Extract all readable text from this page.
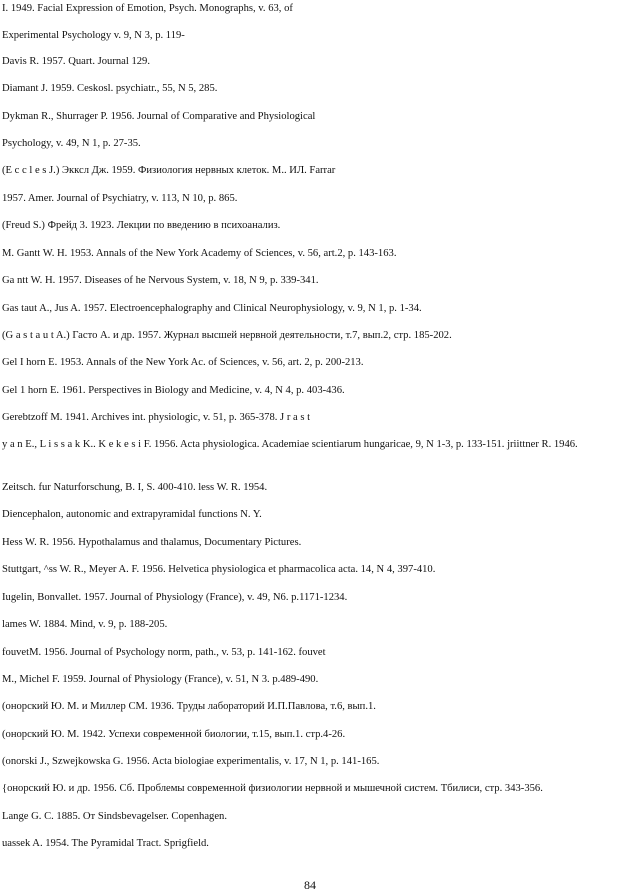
I. 1949. Facial Expression of Emotion, Psych. Monographs, v. 63, of
Experimental Psychology v. 9, N 3, p. 119-
Davis R. 1957. Quart. Journal 129.
Diamant J. 1959. Ceskosl. psychiatr., 55, N 5, 285.
Dykman R., Shurrager P. 1956. Journal of Comparative and Physiological
Psychology, v. 49, N 1, p. 27-35.
(E c c l e s J.) Экксл Дж. 1959. Физиология нервных клеток. М.. ИЛ. Farrar
1957. Amer. Journal of Psychiatry, v. 113, N 10, p. 865.
(Freud S.) Фрейд 3. 1923. Лекции по введению в психоанализ.
M. Gantt W. H. 1953. Annals of the New York Academy of Sciences, v. 56, art.2, p. 143-163.
Ga ntt W. H. 1957. Diseases of he Nervous System, v. 18, N 9, p. 339-341.
Gas taut A., Jus A. 1957. Electroencephalography and Clinical Neurophysiology, v. 9, N 1, p. 1-34.
(G a s t a u t A.) Гасто А. и др. 1957. Журнал высшей нервной деятельности, т.7, вып.2, стр. 185-202.
Gel I horn E. 1953. Annals of the New York Ac. of Sciences, v. 56, art. 2, p. 200-213.
Gel 1 horn E. 1961. Perspectives in Biology and Medicine, v. 4, N 4, p. 403-436.
Gerebtzoff M. 1941. Archives int. physiologic, v. 51, p. 365-378. J r a s t
y a n E., L i s s a k K.. K e k e s i F. 1956. Acta physiologica. Academiae scientiarum hungaricae, 9, N 1-3, p. 133-151. jriittner R. 1946.
Zeitsch. fur Naturforschung, B. I, S. 400-410. less W. R. 1954.
Diencephalon, autonomic and extrapyramidal functions N. Y.
Hess W. R. 1956. Hypothalamus and thalamus, Documentary Pictures.
Stuttgart, ^ss W. R., Meyer A. F. 1956. Helvetica physiologica et pharmacolica acta. 14, N 4, 397-410.
Iugelin, Bonvallet. 1957. Journal of Physiology (France), v. 49, N6. p.1171-1234.
lames W. 1884. Mind, v. 9, p. 188-205.
fouvetM. 1956. Journal of Psychology norm, path., v. 53, p. 141-162. fouvet
M., Michel F. 1959. Journal of Physiology (France), v. 51, N 3. p.489-490.
(онорский Ю. М. и Миллер СМ. 1936. Труды лабораторий И.П.Павлова, т.6, вып.1.
(онорский Ю. М. 1942. Успехи современной биологии, т.15, вып.1. стр.4-26.
(onorski J., Szwejkowska G. 1956. Acta biologiae experimentalis, v. 17, N 1, p. 141-165.
{онорский Ю. и др. 1956. Сб. Проблемы современной физиологии нервной и мышечной систем. Тбилиси, стр. 343-356.
Lange G. C. 1885. От Sindsbevagelser. Copenhagen.
uassek A. 1954. The Pyramidal Tract. Sprigfield.
84
